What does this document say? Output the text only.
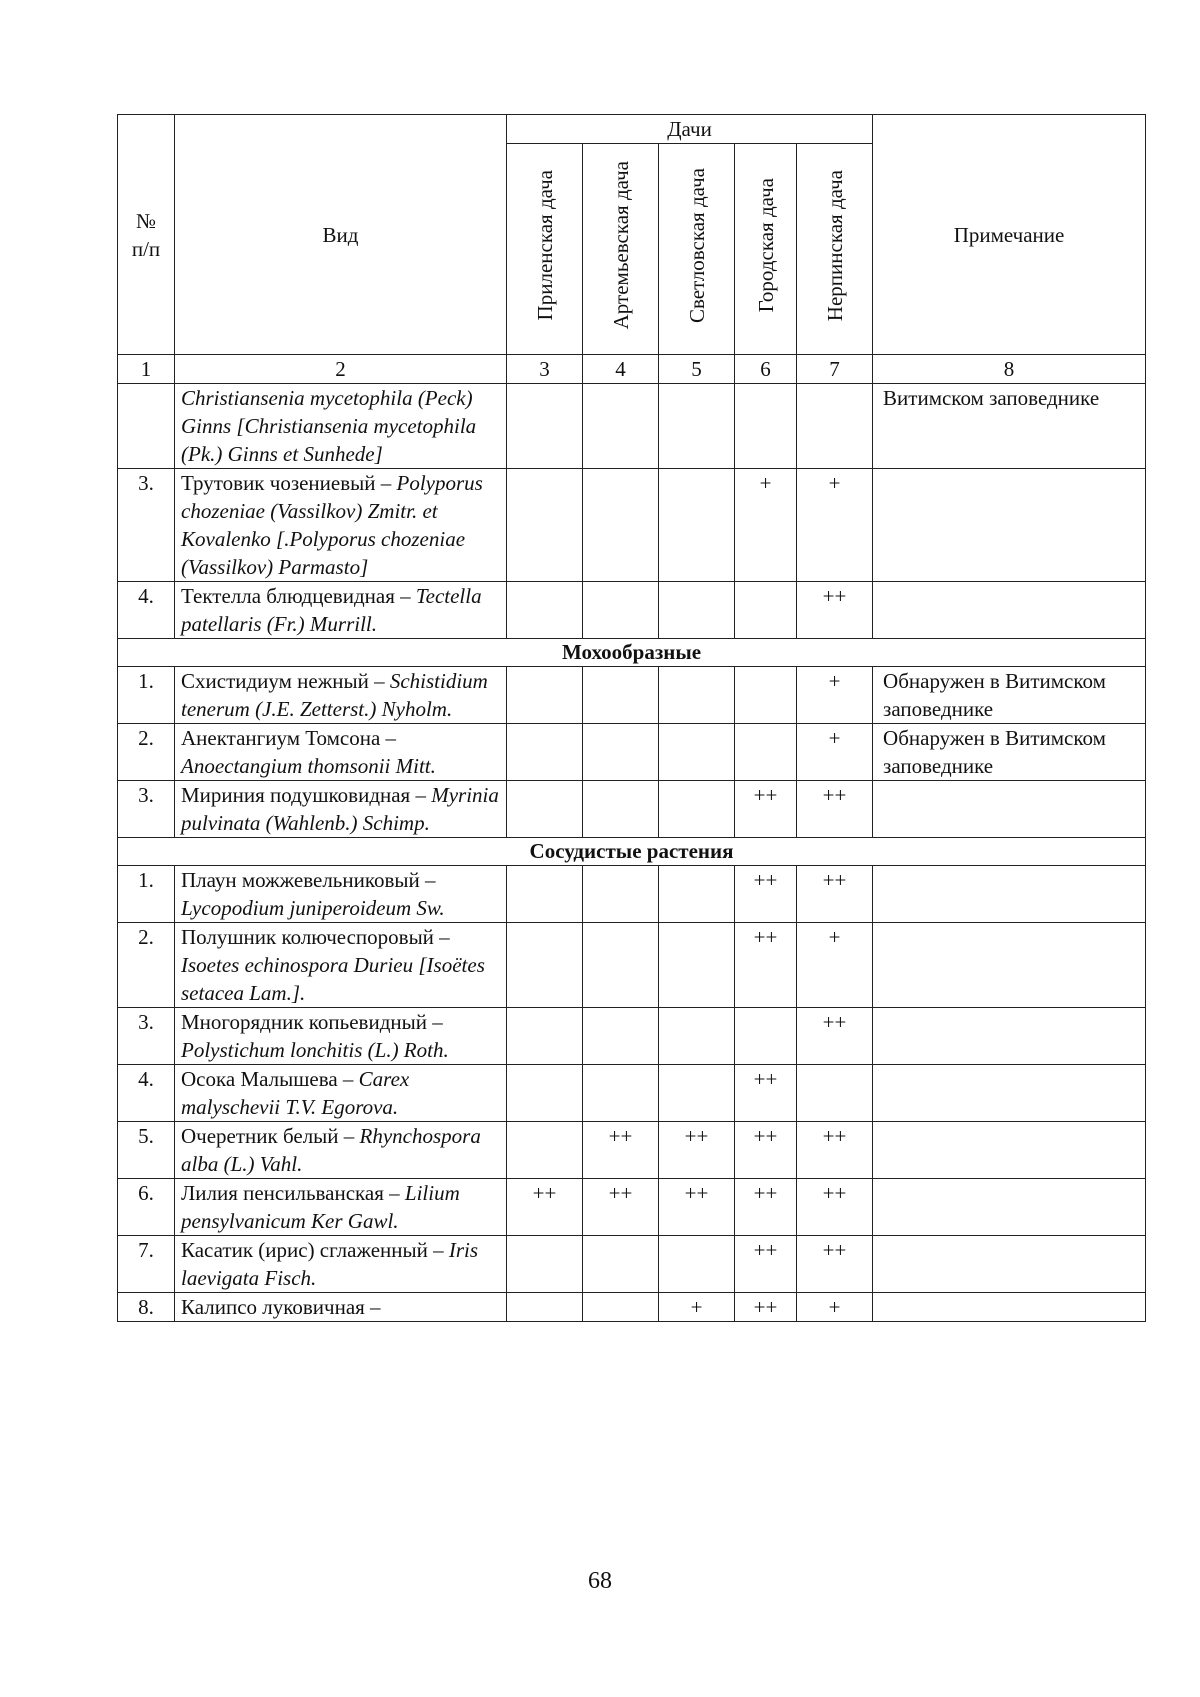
№
п/п	Вид	Дачи					Примечание
		Приленская дача	Артемьевская дача	Светловская дача	Городская дача	Нерпинская дача	
1	2	3	4	5	6	7	8
	Christiansenia mycetophila (Peck) Ginns [Christiansenia mycetophila (Pk.) Ginns et Sunhede]						Витимском заповеднике
3.	Трутовик чозениевый – Polyporus chozeniae (Vassilkov) Zmitr. et Kovalenko [.Polyporus chozeniae (Vassilkov) Parmasto]				+	+	
4.	Тектелла блюдцевидная – Tectella patellaris (Fr.) Murrill.					++	
Мохообразные							
1.	Схистидиум нежный – Schistidium tenerum (J.E. Zetterst.) Nyholm.					+	Обнаружен в Витимском заповеднике
2.	Анектангиум Томсона – Anoectangium thomsonii Mitt.					+	Обнаружен в Витимском заповеднике
3.	Мириния подушковидная – Myrinia pulvinata (Wahlenb.) Schimp.				++	++	
Сосудистые растения							
1.	Плаун можжевельниковый – Lycopodium juniperoideum Sw.				++	++	
2.	Полушник колючеспоровый – Isoetes echinospora Durieu [Isoëtes setacea Lam.].				++	+	
3.	Многорядник копьевидный – Polystichum lonchitis (L.) Roth.					++	
4.	Осока Малышева – Carex malyschevii T.V. Egorova.				++		
5.	Очеретник белый – Rhynchospora alba (L.) Vahl.		++	++	++	++	
6.	Лилия пенсильванская – Lilium pensylvanicum Ker Gawl.	++	++	++	++	++	
7.	Касатик (ирис) сглаженный – Iris laevigata Fisch.				++	++	
8.	Калипсо луковичная –			+	++	+	
68
